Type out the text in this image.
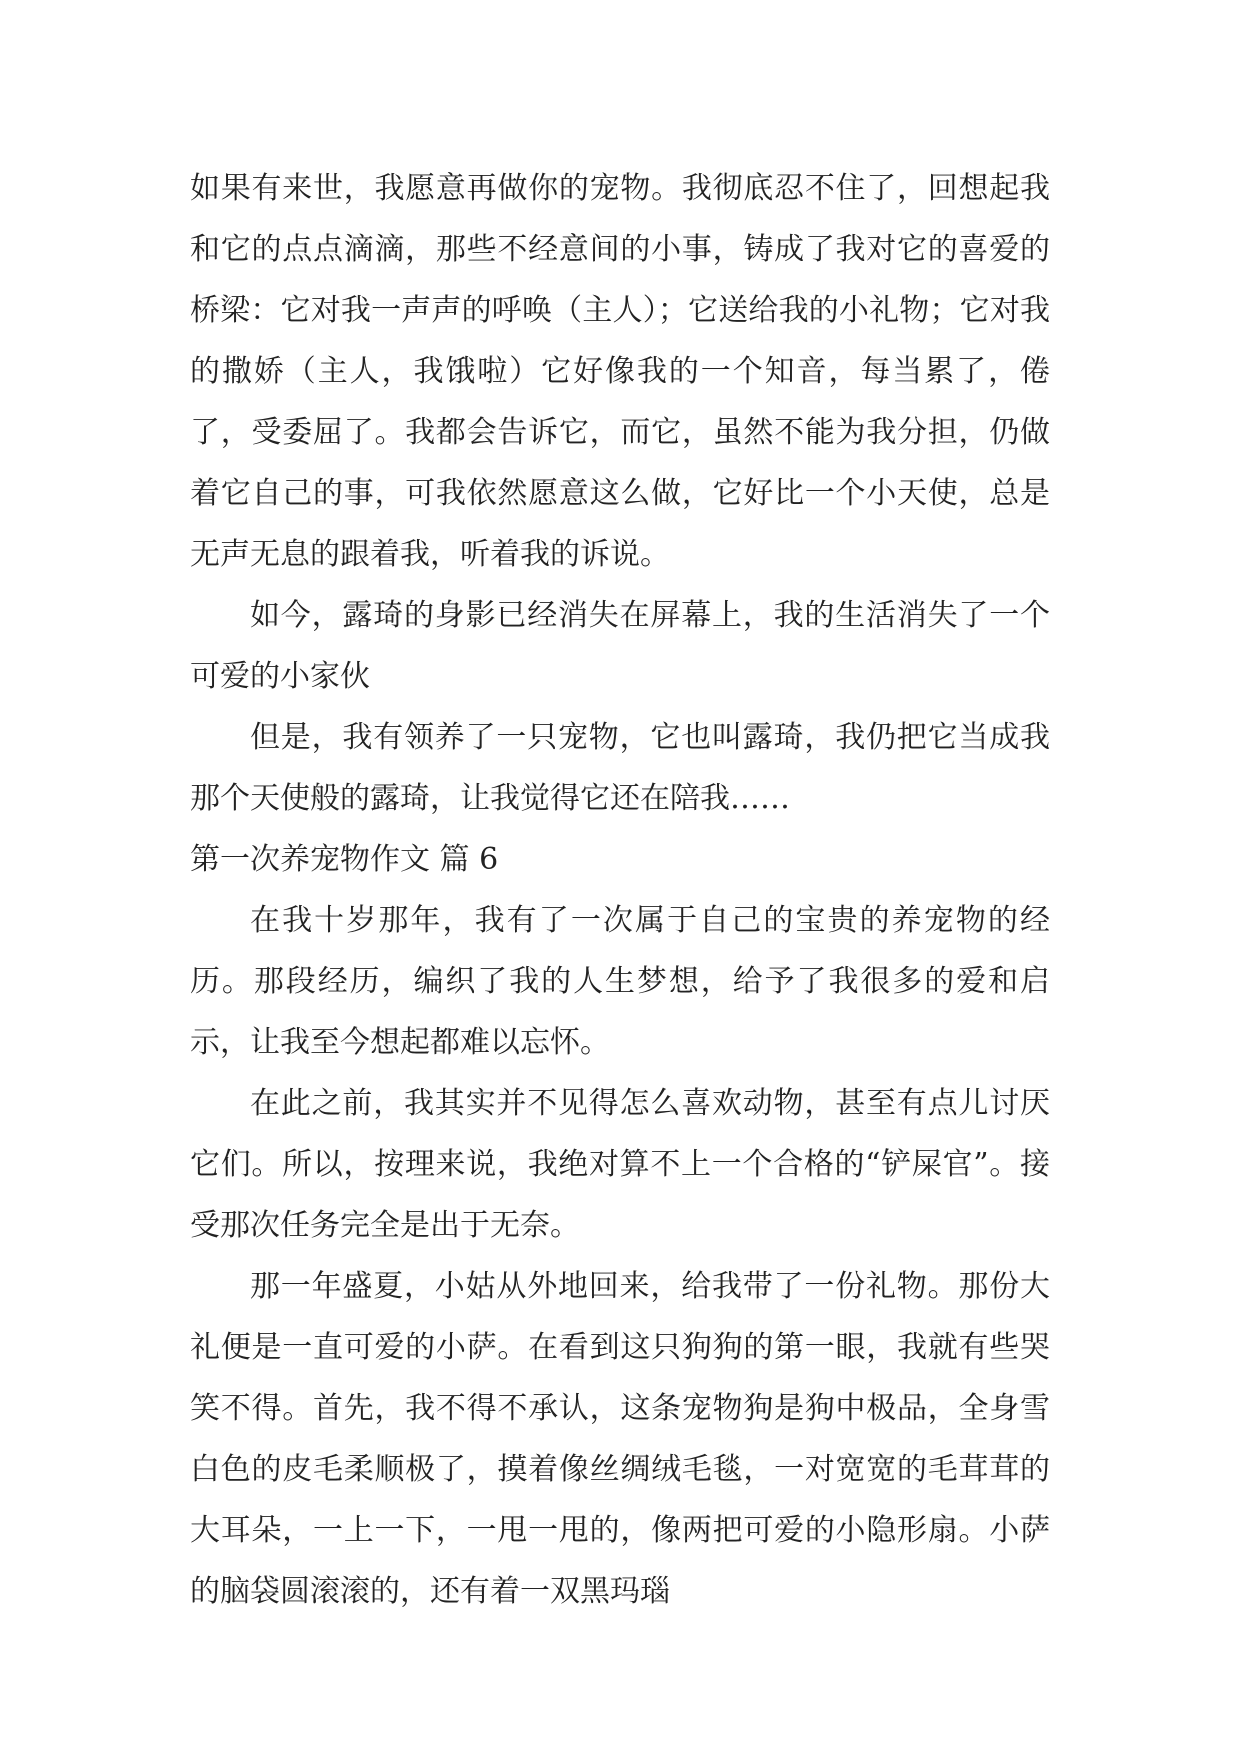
如果有来世，我愿意再做你的宠物。我彻底忍不住了，回想起我和它的点点滴滴，那些不经意间的小事，铸成了我对它的喜爱的桥梁：它对我一声声的呼唤（主人）；它送给我的小礼物；它对我的撒娇（主人，我饿啦）它好像我的一个知音，每当累了，倦了，受委屈了。我都会告诉它，而它，虽然不能为我分担，仍做着它自己的事，可我依然愿意这么做，它好比一个小天使，总是无声无息的跟着我，听着我的诉说。

如今，露琦的身影已经消失在屏幕上，我的生活消失了一个可爱的小家伙

但是，我有领养了一只宠物，它也叫露琦，我仍把它当成我那个天使般的露琦，让我觉得它还在陪我……

第一次养宠物作文 篇 6

在我十岁那年，我有了一次属于自己的宝贵的养宠物的经历。那段经历，编织了我的人生梦想，给予了我很多的爱和启示，让我至今想起都难以忘怀。

在此之前，我其实并不见得怎么喜欢动物，甚至有点儿讨厌它们。所以，按理来说，我绝对算不上一个合格的“铲屎官”。接受那次任务完全是出于无奈。

那一年盛夏，小姑从外地回来，给我带了一份礼物。那份大礼便是一直可爱的小萨。在看到这只狗狗的第一眼，我就有些哭笑不得。首先，我不得不承认，这条宠物狗是狗中极品，全身雪白色的皮毛柔顺极了，摸着像丝绸绒毛毯，一对宽宽的毛茸茸的大耳朵，一上一下，一甩一甩的，像两把可爱的小隐形扇。小萨的脑袋圆滚滚的，还有着一双黑玛瑙
